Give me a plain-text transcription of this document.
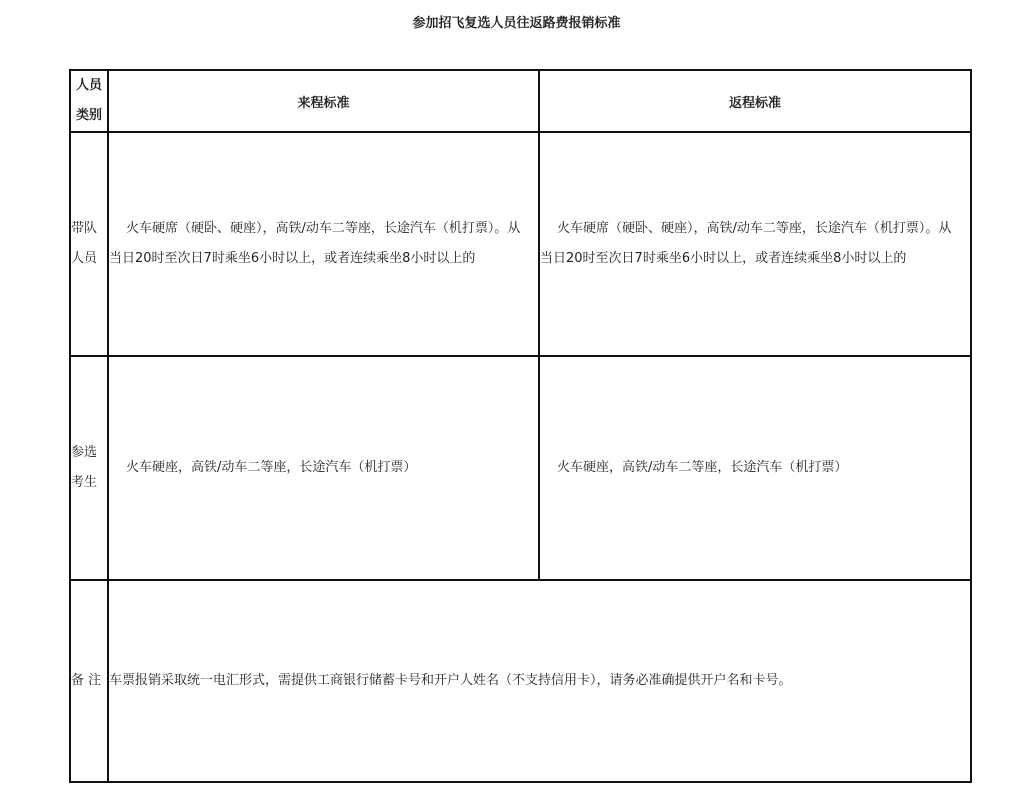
参加招飞复选人员往返路费报销标准
人员
类别	来程标准	返程标准
带队
人员	火车硬席（硬卧、硬座），高铁/动车二等座，长途汽车（机打票）。从当日20时至次日7时乘坐6小时以上，或者连续乘坐8小时以上的	火车硬席（硬卧、硬座），高铁/动车二等座，长途汽车（机打票）。从当日20时至次日7时乘坐6小时以上，或者连续乘坐8小时以上的
参选
考生	火车硬座，高铁/动车二等座，长途汽车（机打票）	火车硬座，高铁/动车二等座，长途汽车（机打票）
备 注	车票报销采取统一电汇形式，需提供工商银行储蓄卡号和开户人姓名（不支持信用卡），请务必准确提供开户名和卡号。	
